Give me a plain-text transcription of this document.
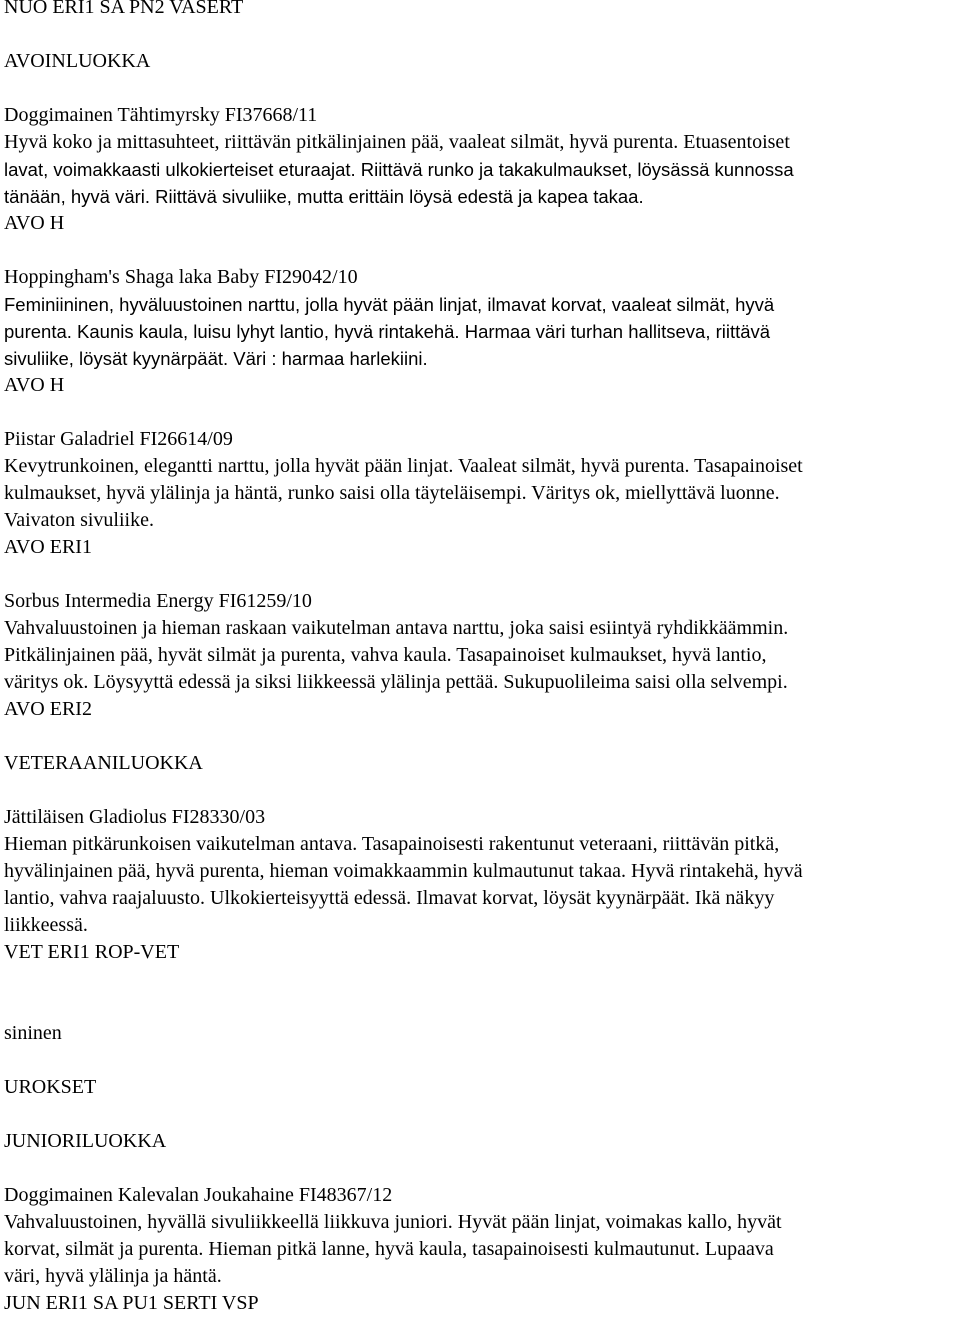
NUO ERI1 SA PN2 VASERT
AVOINLUOKKA
Doggimainen Tähtimyrsky FI37668/11
Hyvä koko ja mittasuhteet, riittävän pitkälinjainen pää, vaaleat silmät, hyvä purenta. Etuasentoiset
lavat, voimakkaasti ulkokierteiset eturaajat. Riittävä runko ja takakulmaukset, löysässä kunnossa
tänään, hyvä väri. Riittävä sivuliike, mutta erittäin löysä edestä ja kapea takaa.
AVO H
Hoppingham's Shaga laka Baby FI29042/10
Feminiininen, hyväluustoinen narttu, jolla hyvät pään linjat, ilmavat korvat, vaaleat silmät, hyvä
purenta. Kaunis kaula, luisu lyhyt lantio, hyvä rintakehä. Harmaa väri turhan hallitseva, riittävä
sivuliike, löysät kyynärpäät. Väri : harmaa harlekiini.
AVO H
Piistar Galadriel FI26614/09
Kevytrunkoinen, elegantti narttu, jolla hyvät pään linjat. Vaaleat silmät, hyvä purenta. Tasapainoiset
kulmaukset, hyvä ylälinja ja häntä, runko saisi olla täyteläisempi. Väritys ok, miellyttävä luonne.
Vaivaton sivuliike.
AVO ERI1
Sorbus Intermedia Energy FI61259/10
Vahvaluustoinen ja hieman raskaan vaikutelman antava narttu, joka saisi esiintyä ryhdikkäämmin.
Pitkälinjainen pää, hyvät silmät ja purenta, vahva kaula. Tasapainoiset kulmaukset, hyvä lantio,
väritys ok. Löysyyttä edessä ja siksi liikkeessä ylälinja pettää. Sukupuolileima saisi olla selvempi.
AVO ERI2
VETERAANILUOKKA
Jättiläisen Gladiolus FI28330/03
Hieman pitkärunkoisen vaikutelman antava. Tasapainoisesti rakentunut veteraani, riittävän pitkä,
hyvälinjainen pää, hyvä purenta, hieman voimakkaammin kulmautunut takaa. Hyvä rintakehä, hyvä
lantio, vahva raajaluusto. Ulkokierteisyyttä edessä. Ilmavat korvat, löysät kyynärpäät. Ikä näkyy
liikkeessä.
VET ERI1 ROP-VET
sininen
UROKSET
JUNIORILUOKKA
Doggimainen Kalevalan Joukahaine FI48367/12
Vahvaluustoinen, hyvällä sivuliikkeellä liikkuva juniori. Hyvät pään linjat, voimakas kallo, hyvät
korvat, silmät ja purenta. Hieman pitkä lanne, hyvä kaula, tasapainoisesti kulmautunut. Lupaava
väri, hyvä ylälinja ja häntä.
JUN ERI1 SA PU1 SERTI VSP
